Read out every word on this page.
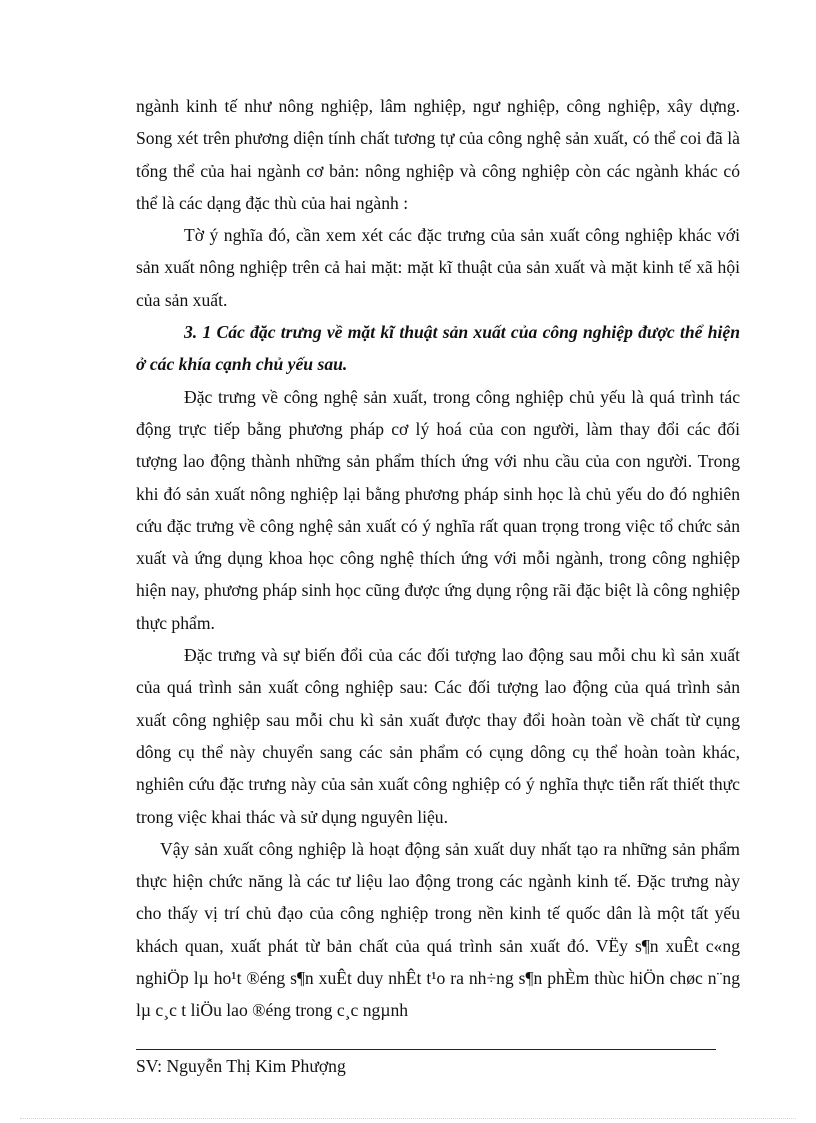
ngành kinh tế như nông nghiệp, lâm nghiệp, ngư nghiệp, công nghiệp, xây dựng. Song xét trên phương diện tính chất tương tự của công nghệ sản xuất, có thể coi đã là tổng thể của hai ngành cơ bản: nông nghiệp và công nghiệp còn các ngành khác có thể là các dạng đặc thù của hai ngành :

Tờ ý nghĩa đó, cần xem xét các đặc trưng của sản xuất công nghiệp khác với sản xuất nông nghiệp trên cả hai mặt: mặt kĩ thuật của sản xuất và mặt kinh tế xã hội của sản xuất.

3. 1 Các đặc trưng về mặt kĩ thuật sản xuất của công nghiệp được thể hiện ở các khía cạnh chủ yếu sau.

Đặc trưng về công nghệ sản xuất, trong công nghiệp chủ yếu là quá trình tác động trực tiếp bằng phương pháp cơ lý hoá của con người, làm thay đổi các đối tượng lao động thành những sản phẩm thích ứng với nhu cầu của con người. Trong khi đó sản xuất nông nghiệp lại bằng phương pháp sinh học là chủ yếu do đó nghiên cứu đặc trưng về công nghệ sản xuất có ý nghĩa rất quan trọng trong việc tổ chức sản xuất và ứng dụng khoa học công nghệ thích ứng với mỗi ngành, trong công nghiệp hiện nay, phương pháp sinh học cũng được ứng dụng rộng rãi đặc biệt là công nghiệp thực phẩm.

Đặc trưng và sự biến đổi của các đối tượng lao động sau mỗi chu kì sản xuất của quá trình sản xuất công nghiệp sau: Các đối tượng lao động của quá trình sản xuất công nghiệp sau mỗi chu kì sản xuất được thay đổi hoàn toàn về chất từ cụng dông cụ thể này chuyển sang các sản phẩm có cụng dông cụ thể hoàn toàn khác, nghiên cứu đặc trưng này của sản xuất công nghiệp có ý nghĩa thực tiễn rất thiết thực trong việc khai thác và sử dụng nguyên liệu.

Vậy sản xuất công nghiệp là hoạt động sản xuất duy nhất tạo ra những sản phẩm thực hiện chức năng là các tư liệu lao động trong các ngành kinh tế. Đặc trưng này cho thấy vị trí chủ đạo của công nghiệp trong nền kinh tế quốc dân là một tất yếu khách quan, xuất phát từ bản chất của quá trình sản xuất đó. VËy s¶n xuÊt c«ng nghiÖp lµ ho¹t ®éng s¶n xuÊt duy nhÊt t¹o ra nh÷ng s¶n phÈm thùc hiÖn chøc n¨ng lµ c¸c t liÖu lao ®éng trong c¸c ngµnh

SV: Nguyễn Thị Kim Phượng
